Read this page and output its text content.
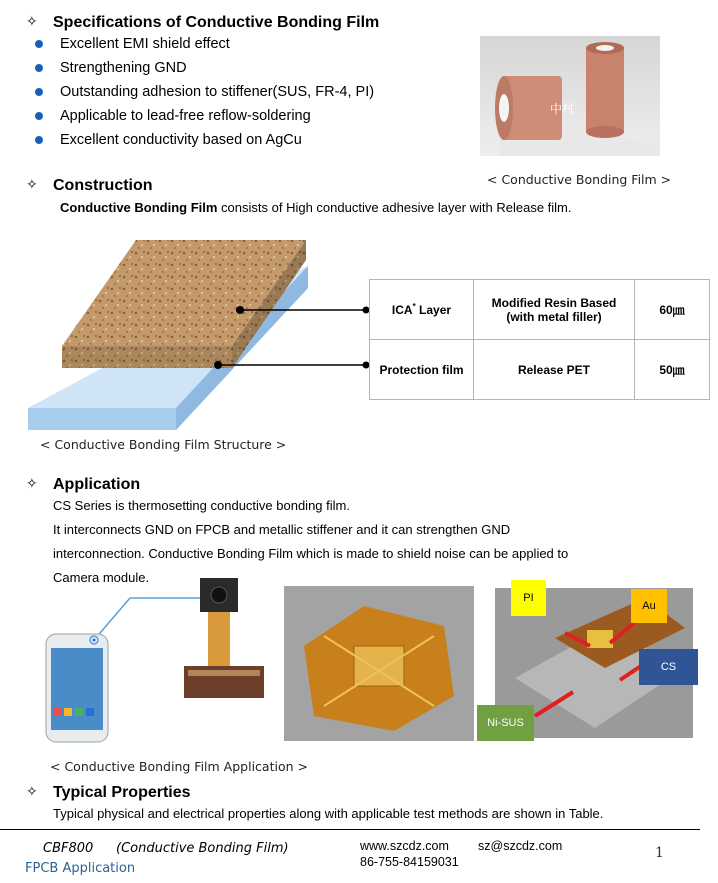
✧ Specifications of Conductive Bonding Film
Excellent EMI shield effect
Strengthening GND
Outstanding adhesion to stiffener(SUS, FR-4, PI)
Applicable to lead-free reflow-soldering
Excellent conductivity based on AgCu
中村
< Conductive Bonding Film >
✧ Construction
Conductive Bonding Film consists of High conductive adhesive layer with Release film.
ICA* Layer	Modified Resin Based (with metal filler)	60㎛
Protection film	Release PET	50㎛
< Conductive Bonding Film Structure >
✧ Application
CS Series is thermosetting conductive bonding film.
It interconnects GND on FPCB and metallic stiffener and it can strengthen GND
interconnection. Conductive Bonding Film which is made to shield noise can be applied to
Camera module.
PI
Au
CS
Ni-SUS
< Conductive Bonding Film Application >
✧ Typical Properties
Typical physical and electrical properties along with applicable test methods are shown in Table.
CBF800 (Conductive Bonding Film)	www.szcdz.com sz@szcdz.com
86-755-84159031
1
FPCB Application
